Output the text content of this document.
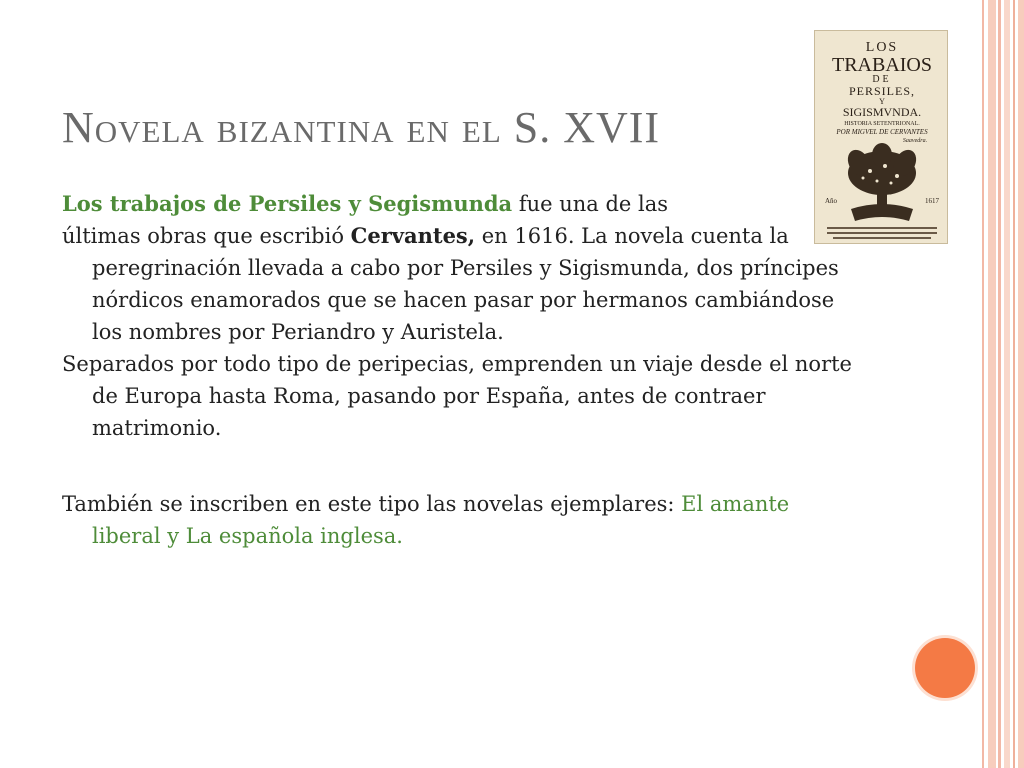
Novela bizantina en el S. XVII
LOS
TRABAIOS
DE
PERSILES,
Y
SIGISMVNDA.
HISTORIA SETENTRIONAL.
POR MIGVEL DE CERVANTES
Saavedra.
Año	1617

Los trabajos de Persiles y Segismunda fue una de las

últimas obras que escribió Cervantes, en 1616. La novela cuenta la peregrinación llevada a cabo por Persiles y Sigismunda, dos príncipes nórdicos enamorados que se hacen pasar por hermanos cambiándose los nombres por Periandro y Auristela.

Separados por todo tipo de peripecias, emprenden un viaje desde el norte de Europa hasta Roma, pasando por España, antes de contraer matrimonio.

También se inscriben en este tipo las novelas ejemplares: El amante liberal y La española inglesa.
